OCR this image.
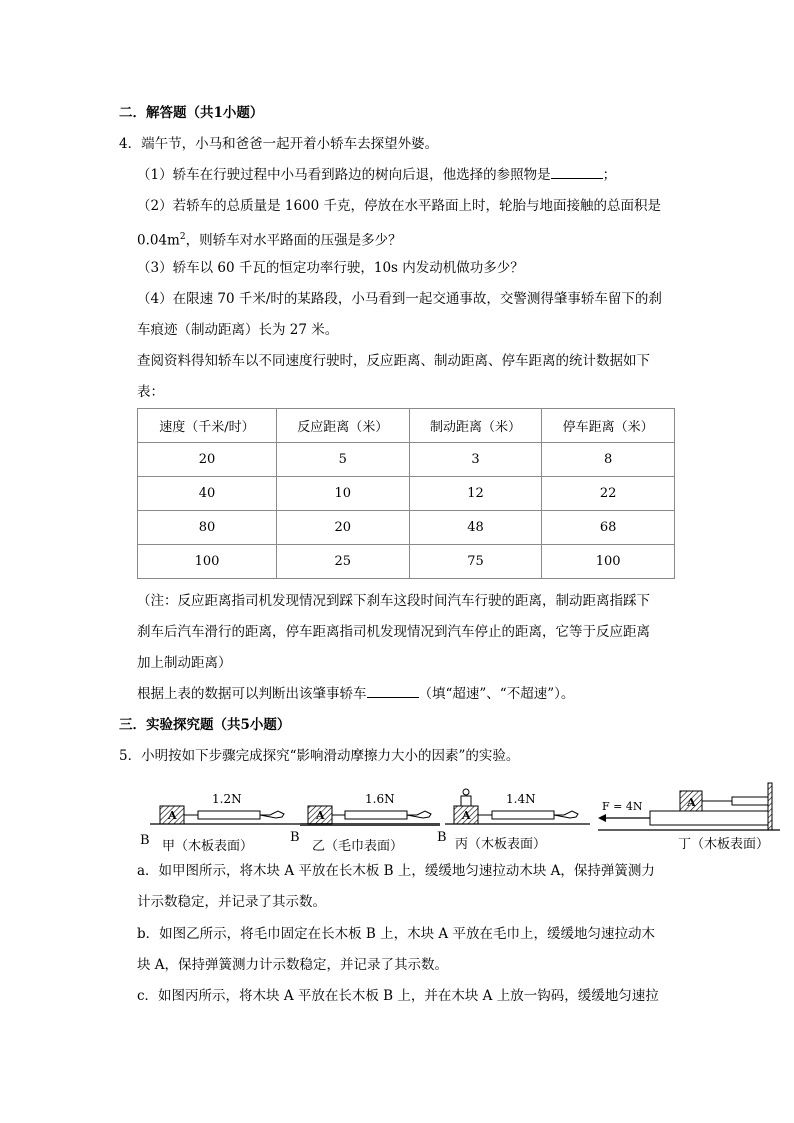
二．解答题（共1小题）
4．端午节，小马和爸爸一起开着小轿车去探望外婆。
（1）轿车在行驶过程中小马看到路边的树向后退，他选择的参照物是	；
（2）若轿车的总质量是 1600 千克，停放在水平路面上时，轮胎与地面接触的总面积是
$0.04m^2$，则轿车对水平路面的压强是多少？
（3）轿车以 60 千瓦的恒定功率行驶，10s 内发动机做功多少？
（4）在限速 70 千米/时的某路段，小马看到一起交通事故，交警测得肇事轿车留下的刹
车痕迹（制动距离）长为 27 米。
查阅资料得知轿车以不同速度行驶时，反应距离、制动距离、停车距离的统计数据如下
表：
速度（千米/时）	反应距离（米）	制动距离（米）	停车距离（米）
20	5	3	8
40	10	12	22
80	20	48	68
100	25	75	100
（注：反应距离指司机发现情况到踩下刹车这段时间汽车行驶的距离，制动距离指踩下
刹车后汽车滑行的距离，停车距离指司机发现情况到汽车停止的距离，它等于反应距离
加上制动距离）
根据上表的数据可以判断出该肇事轿车	（填“超速”、“不超速”）。
三．实验探究题（共5小题）
5．小明按如下步骤完成探究“影响滑动摩擦力大小的因素”的实验。
A
1.2N
B 甲（木板表面）
A
1.6N
B
乙（毛巾表面）
A
1.4N
B 丙（木板表面）
A
F = 4N
丁（木板表面）
a．如甲图所示，将木块 A 平放在长木板 B 上，缓缓地匀速拉动木块 A，保持弹簧测力
计示数稳定，并记录了其示数。
b．如图乙所示，将毛巾固定在长木板 B 上，木块 A 平放在毛巾上，缓缓地匀速拉动木
块 A，保持弹簧测力计示数稳定，并记录了其示数。
c．如图丙所示，将木块 A 平放在长木板 B 上，并在木块 A 上放一钩码，缓缓地匀速拉
